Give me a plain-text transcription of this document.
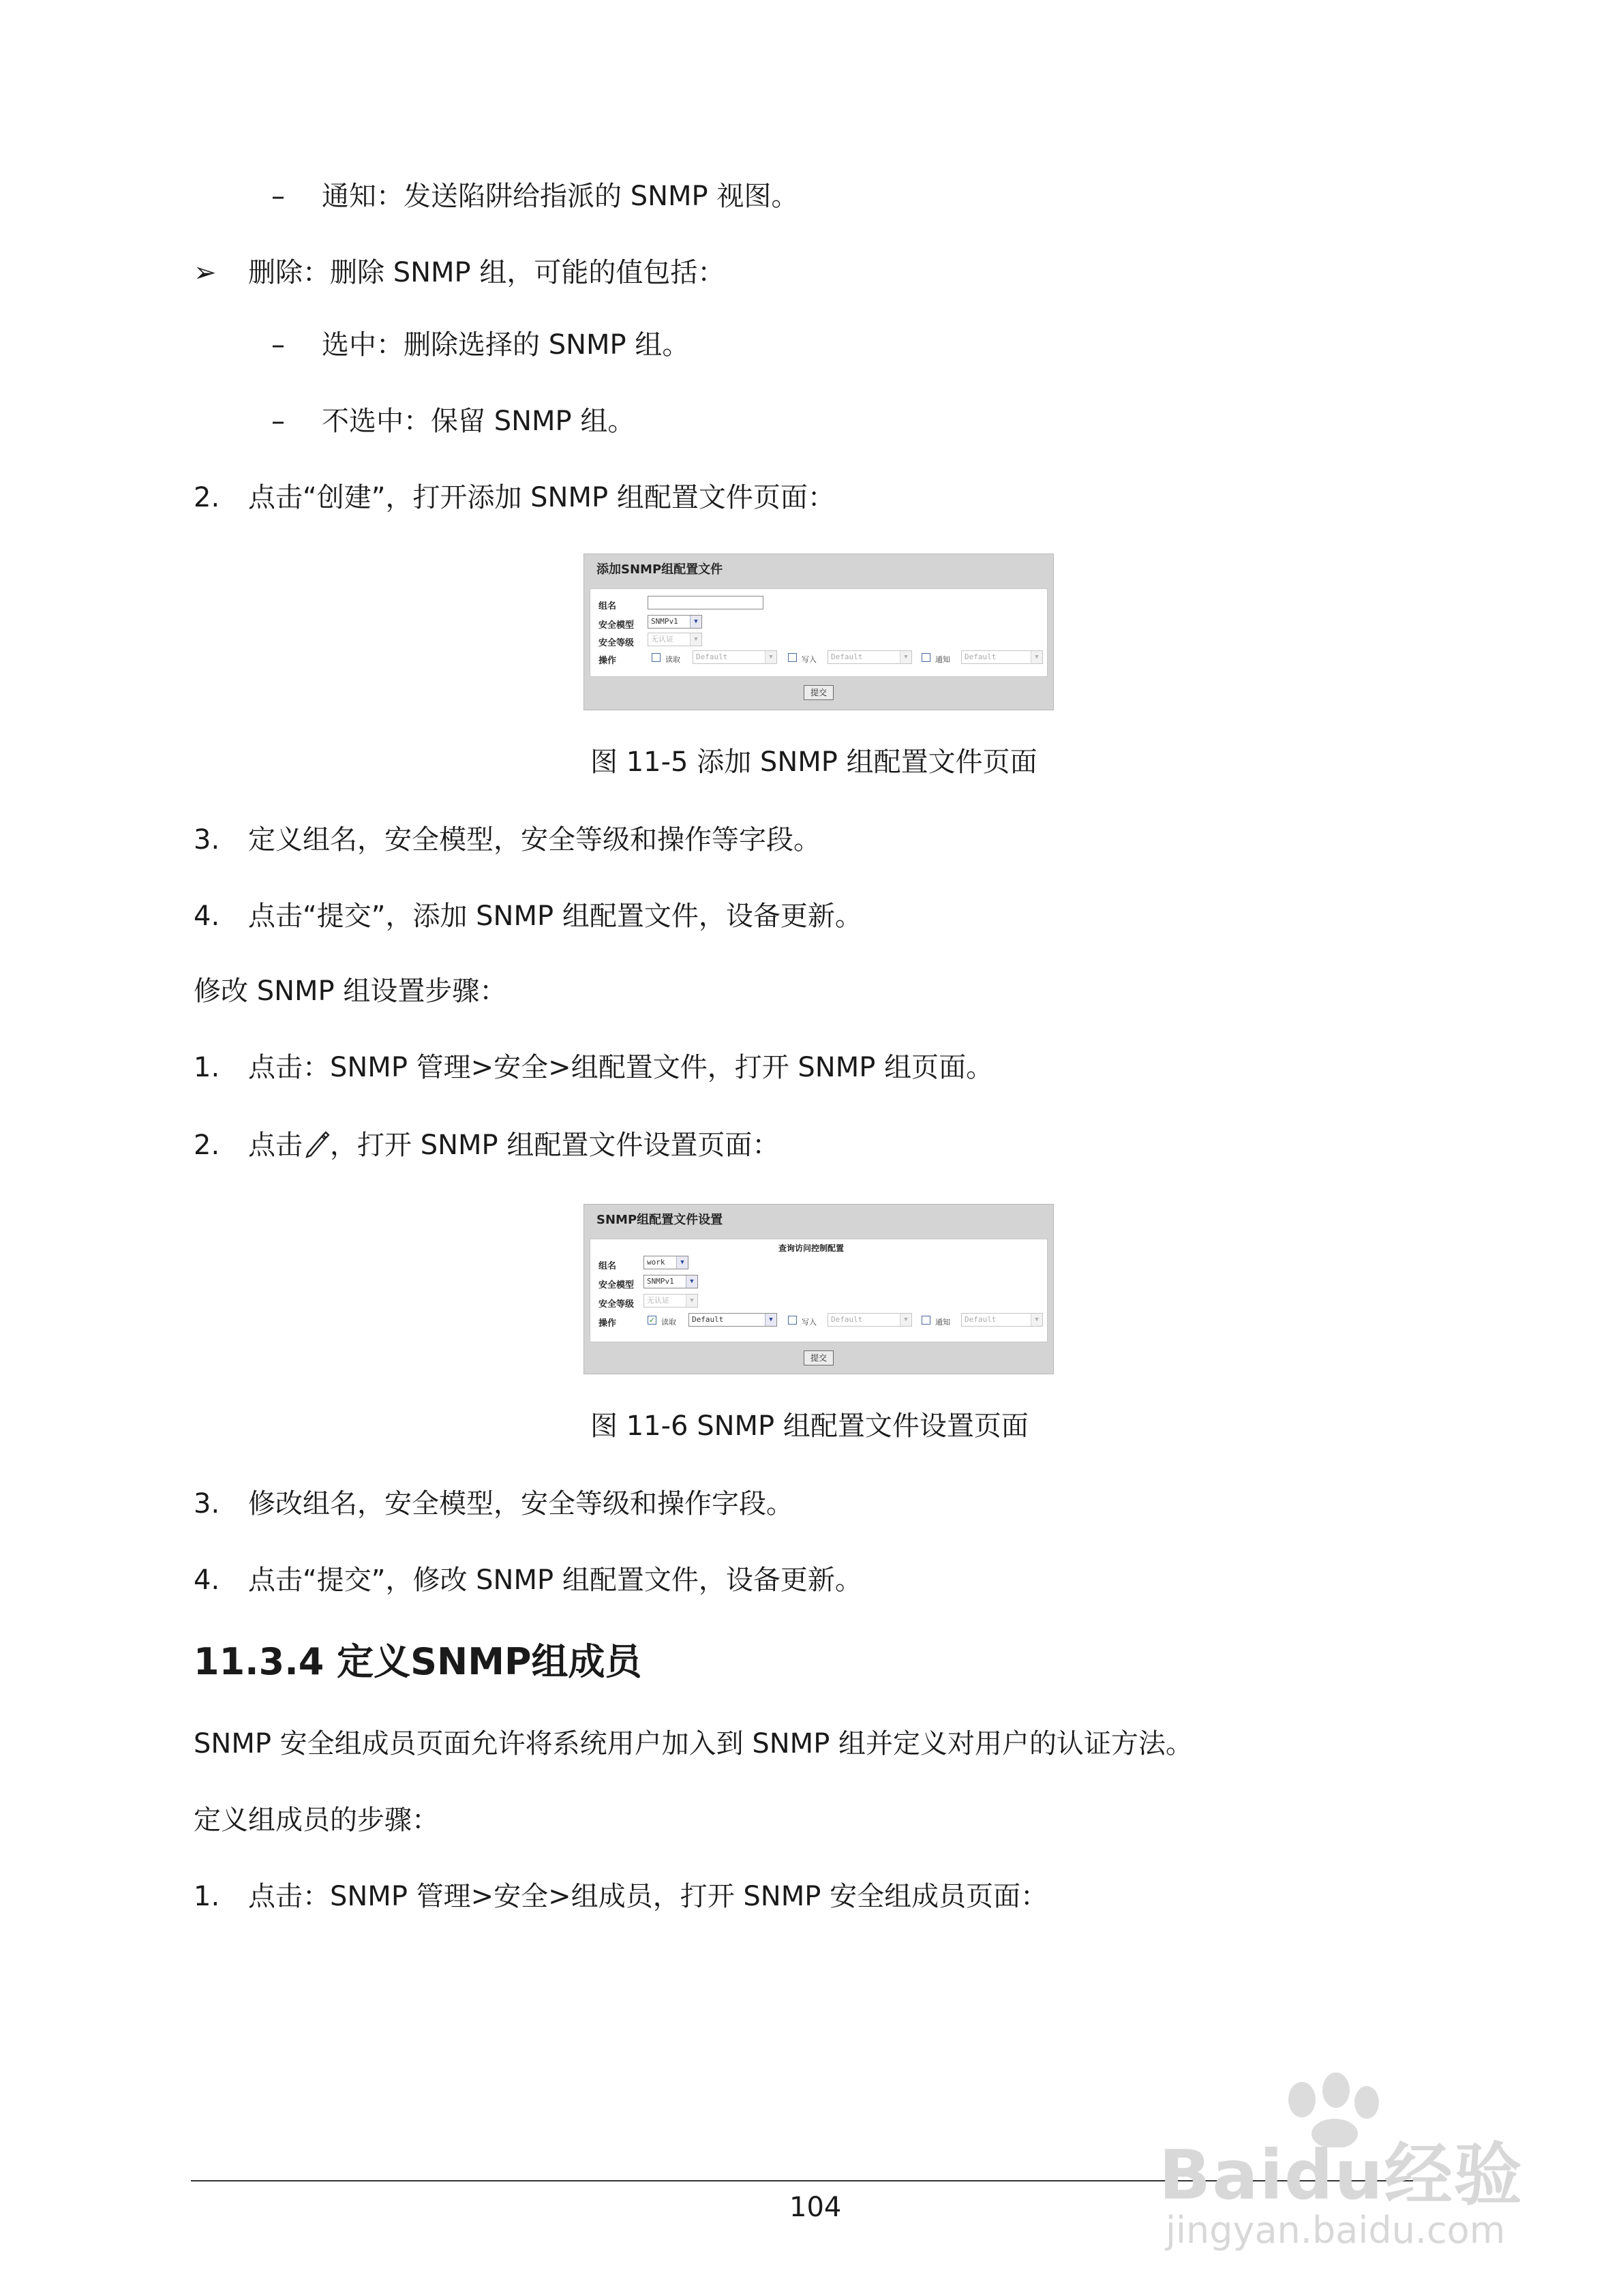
– 通知：发送陷阱给指派的 SNMP 视图。
➢ 删除：删除 SNMP 组，可能的值包括：
– 选中：删除选择的 SNMP 组。
– 不选中：保留 SNMP 组。
2. 点击“创建”，打开添加 SNMP 组配置文件页面：
添加SNMP组配置文件
组名
安全模型	SNMPv1	▼
安全等级	无认证	▼
操作	读取	Default	▼	写入	Default	▼	通知	Default	▼
提交
图 11-5 添加 SNMP 组配置文件页面
3. 定义组名，安全模型，安全等级和操作等字段。
4. 点击“提交”，添加 SNMP 组配置文件，设备更新。
修改 SNMP 组设置步骤：
1. 点击：SNMP 管理>安全>组配置文件，打开 SNMP 组页面。
2. 点击 ，打开 SNMP 组配置文件设置页面：
SNMP组配置文件设置
查询访问控制配置
组名	work	▼
安全模型	SNMPv1	▼
安全等级	无认证	▼
操作	✓ 读取	Default	▼	写入	Default	▼	通知	Default	▼
提交
图 11-6 SNMP 组配置文件设置页面
3. 修改组名，安全模型，安全等级和操作字段。
4. 点击“提交”，修改 SNMP 组配置文件，设备更新。
11.3.4 定义SNMP组成员
SNMP 安全组成员页面允许将系统用户加入到 SNMP 组并定义对用户的认证方法。
定义组成员的步骤：
1. 点击：SNMP 管理>安全>组成员，打开 SNMP 安全组成员页面：
104	Baidu经验
jingyan.baidu.com
